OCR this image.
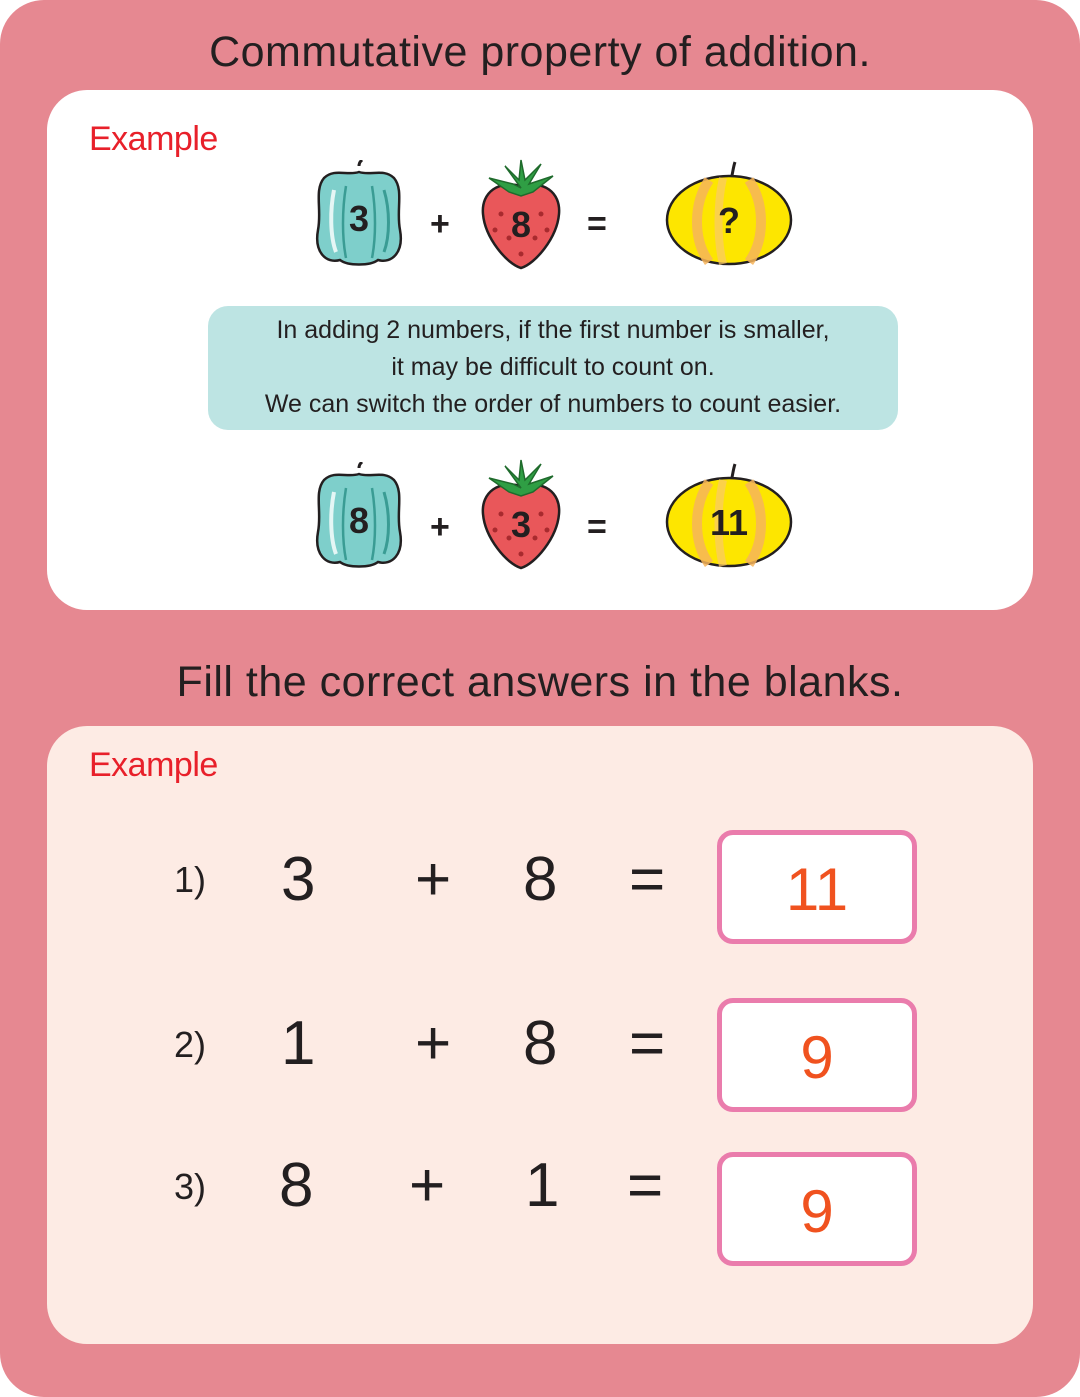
Commutative property of addition.
Example
3	+	8	=	?
In adding 2 numbers, if the first number is smaller,
it may be difficult to count on.
We can switch the order of numbers to count easier.
8	+	3	=	11
Fill the correct answers in the blanks.
Example
1) 3 + 8 =	11
2) 1 + 8 =	9
3) 8 + 1 =	9
